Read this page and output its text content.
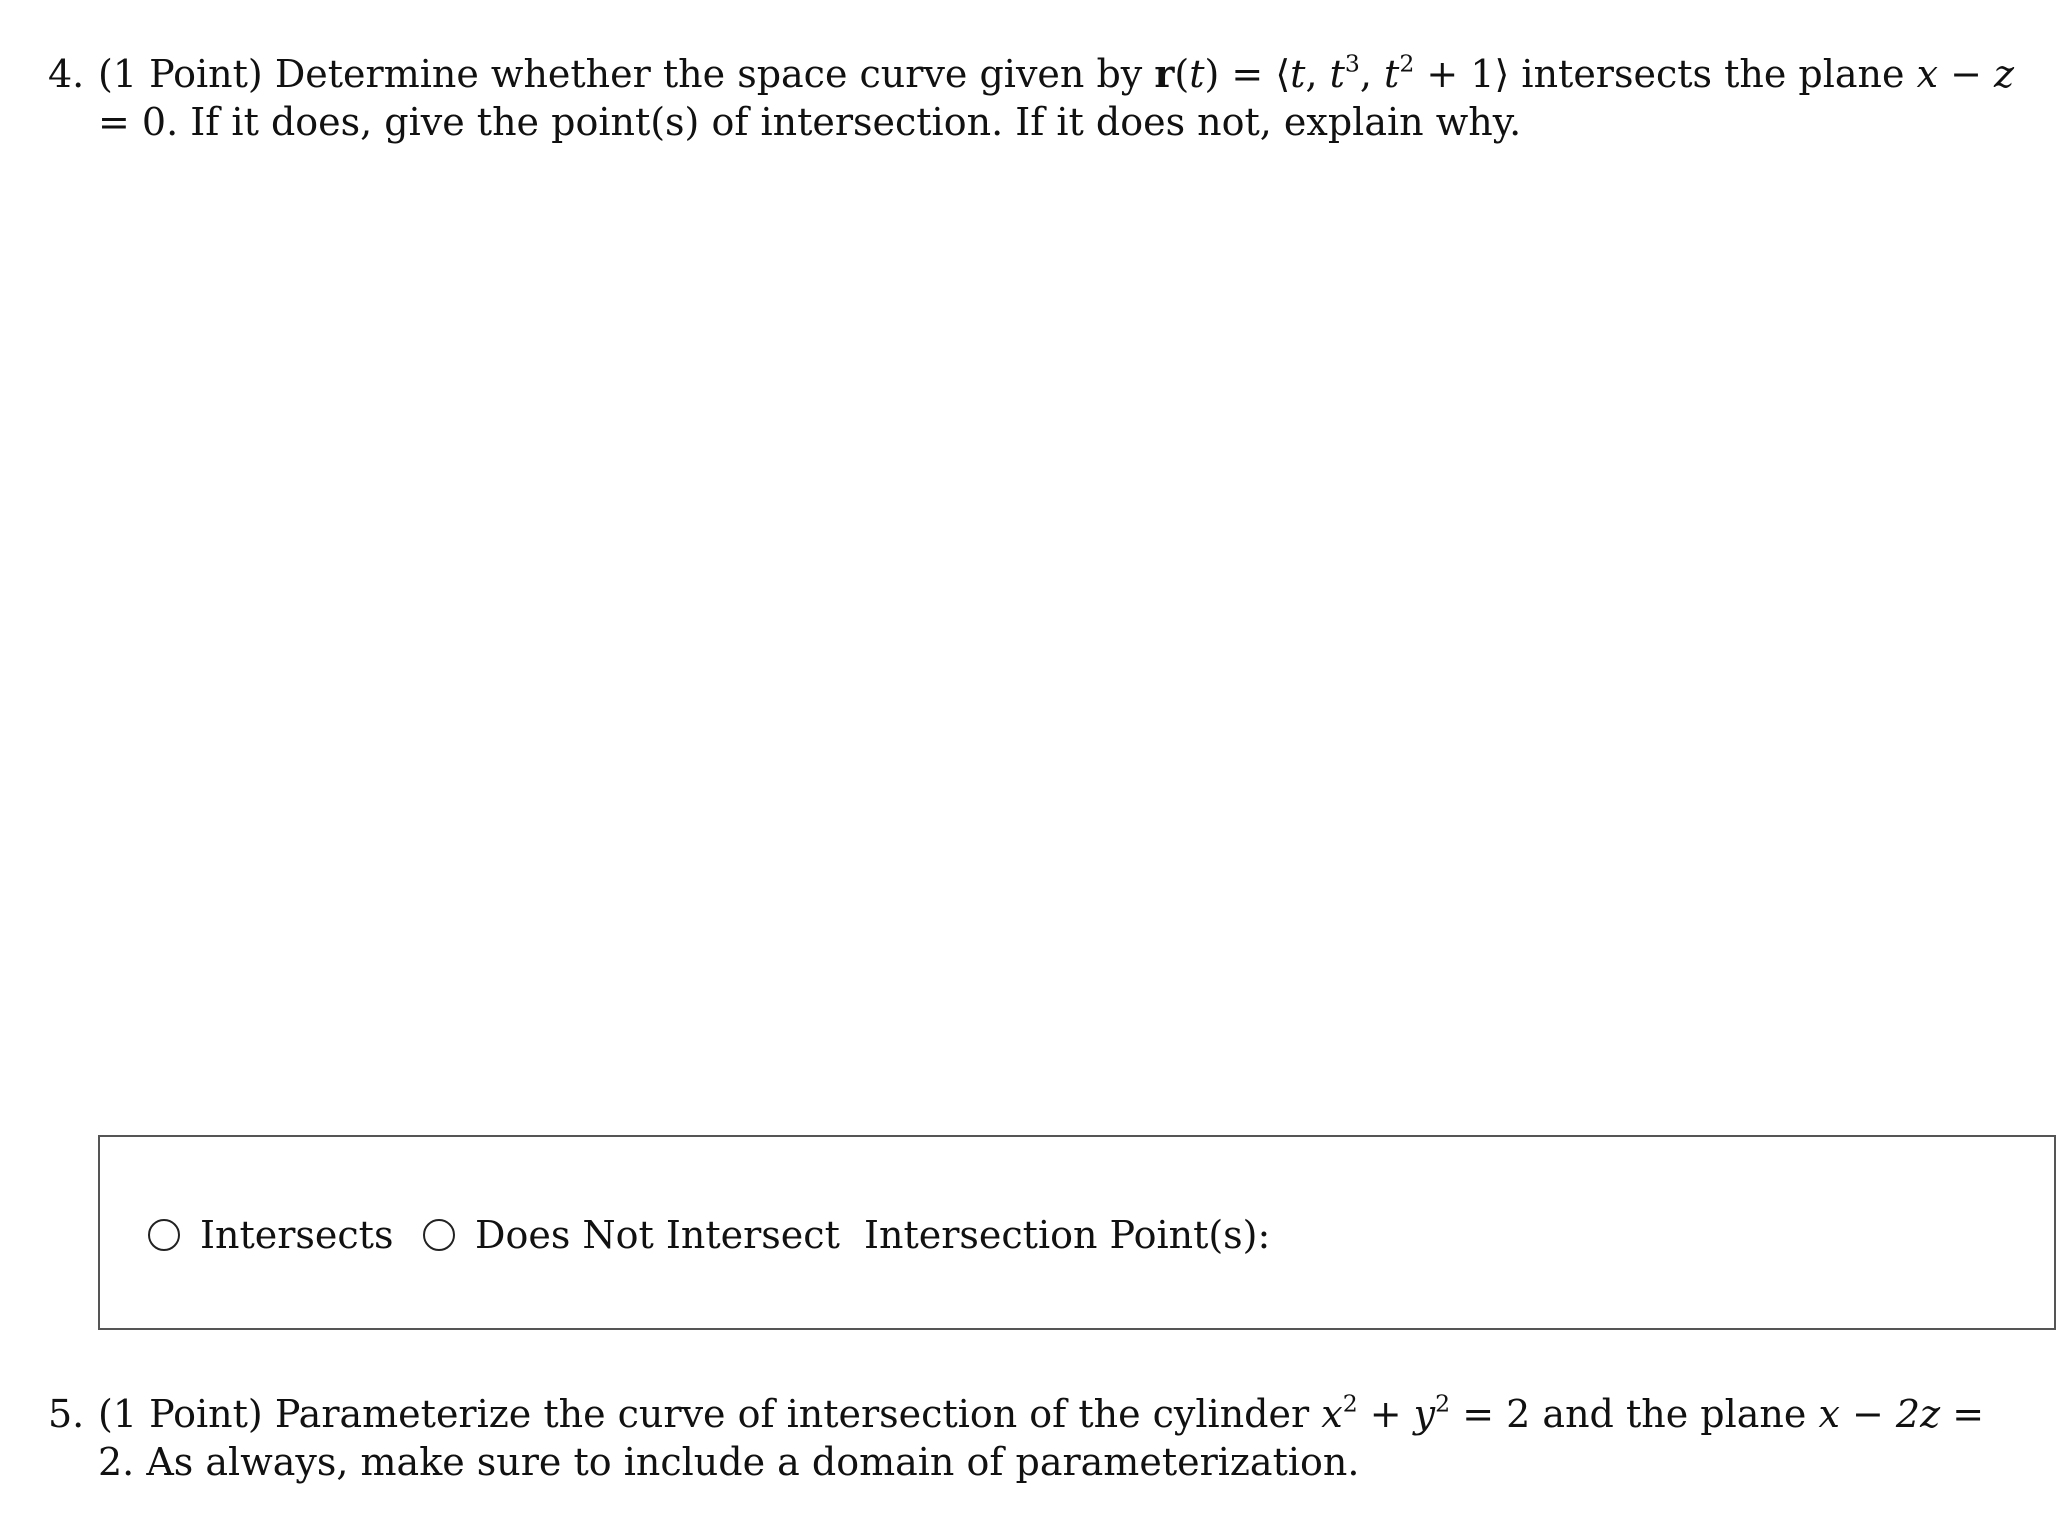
4. (1 Point) Determine whether the space curve given by r(t) = ⟨t, $t^3$, $t^2$ + 1⟩ intersects the plane x − z = 0. If it does, give the point(s) of intersection. If it does not, explain why.
Intersects Does Not Intersect Intersection Point(s):
5. (1 Point) Parameterize the curve of intersection of the cylinder $x^2 + y^2 = 2$ and the plane x − 2z = 2. As always, make sure to include a domain of parameterization.
